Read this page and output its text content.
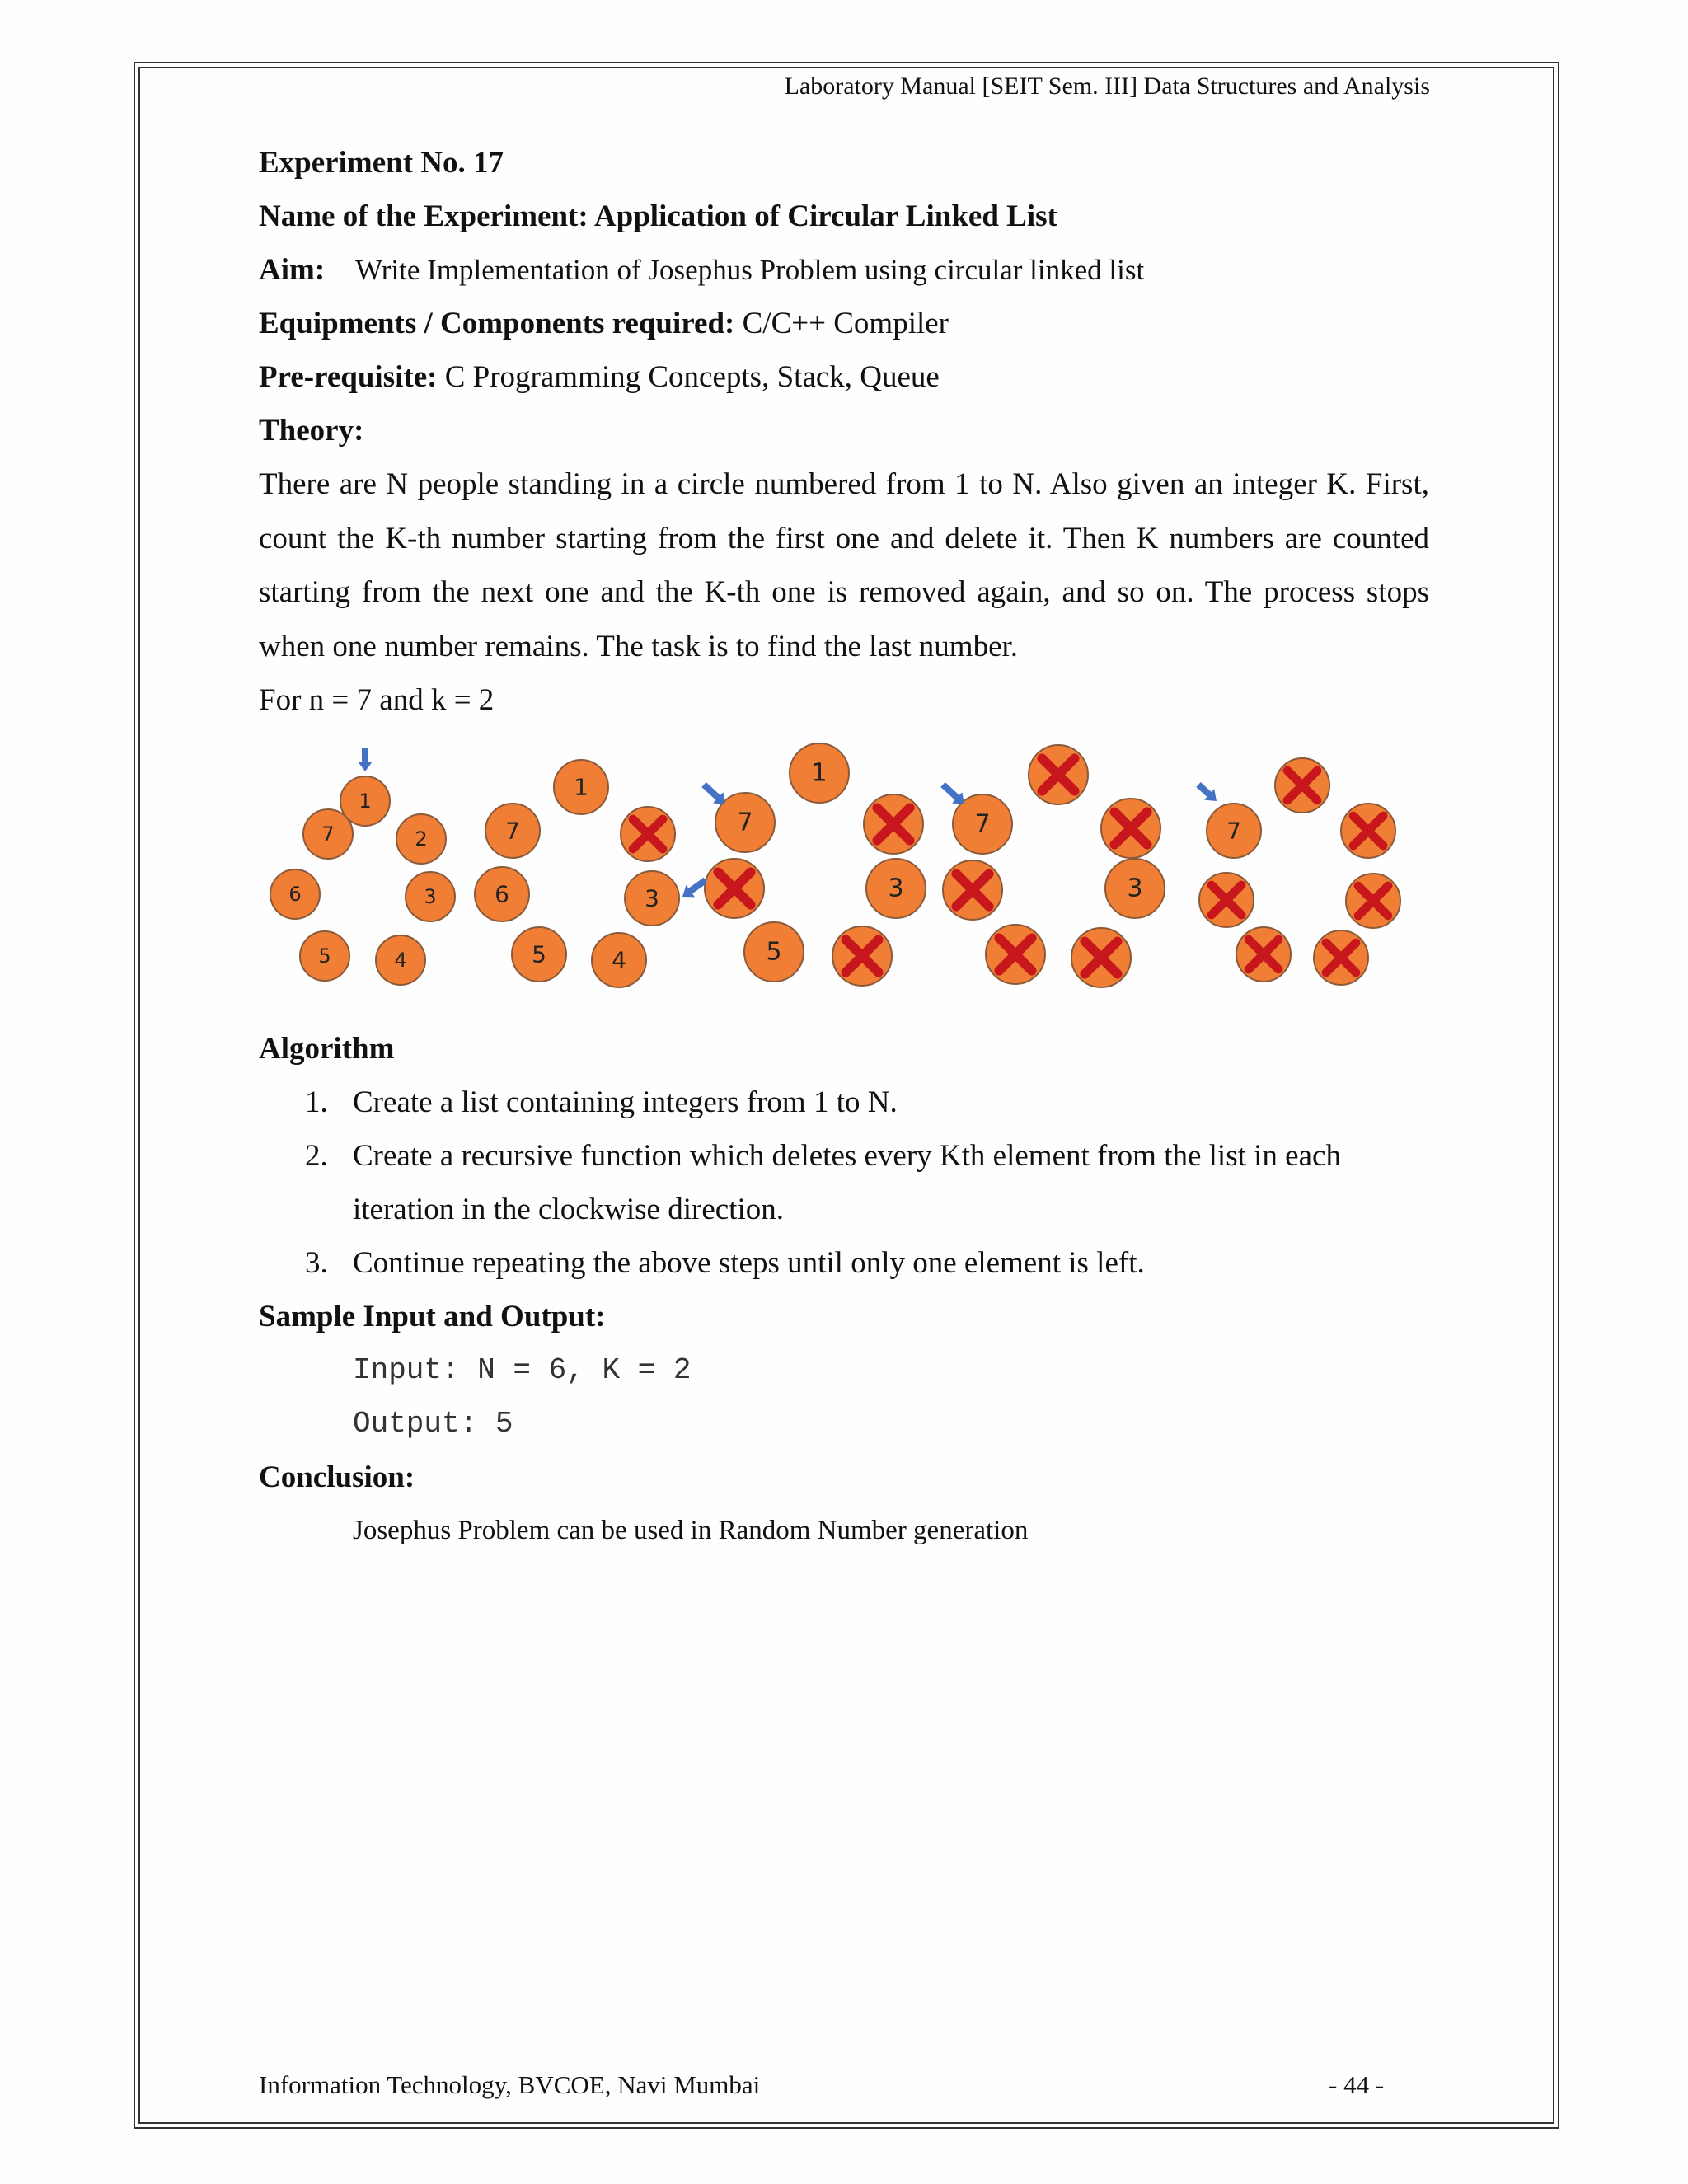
Laboratory Manual [SEIT Sem. III] Data Structures and Analysis

Experiment No. 17

Name of the Experiment: Application of Circular Linked List

Aim: Write Implementation of Josephus Problem using circular linked list

Equipments / Components required: C/C++ Compiler

Pre-requisite: C Programming Concepts, Stack, Queue

Theory:

There are N people standing in a circle numbered from 1 to N. Also given an integer K. First, count the K-th number starting from the first one and delete it. Then K numbers are counted starting from the next one and the K-th one is removed again, and so on. The process stops when one number remains. The task is to find the last number.

For n = 7 and k = 2

1
2
7
3
6
5	4
1
7
6	3
5	4
1
7
3
5
7
3
7

Algorithm

1. Create a list containing integers from 1 to N.
2. Create a recursive function which deletes every Kth element from the list in each
iteration in the clockwise direction.
3. Continue repeating the above steps until only one element is left.

Sample Input and Output:

Input: N = 6, K = 2

Output: 5

Conclusion:

Josephus Problem can be used in Random Number generation

Information Technology, BVCOE, Navi Mumbai	- 44 -
